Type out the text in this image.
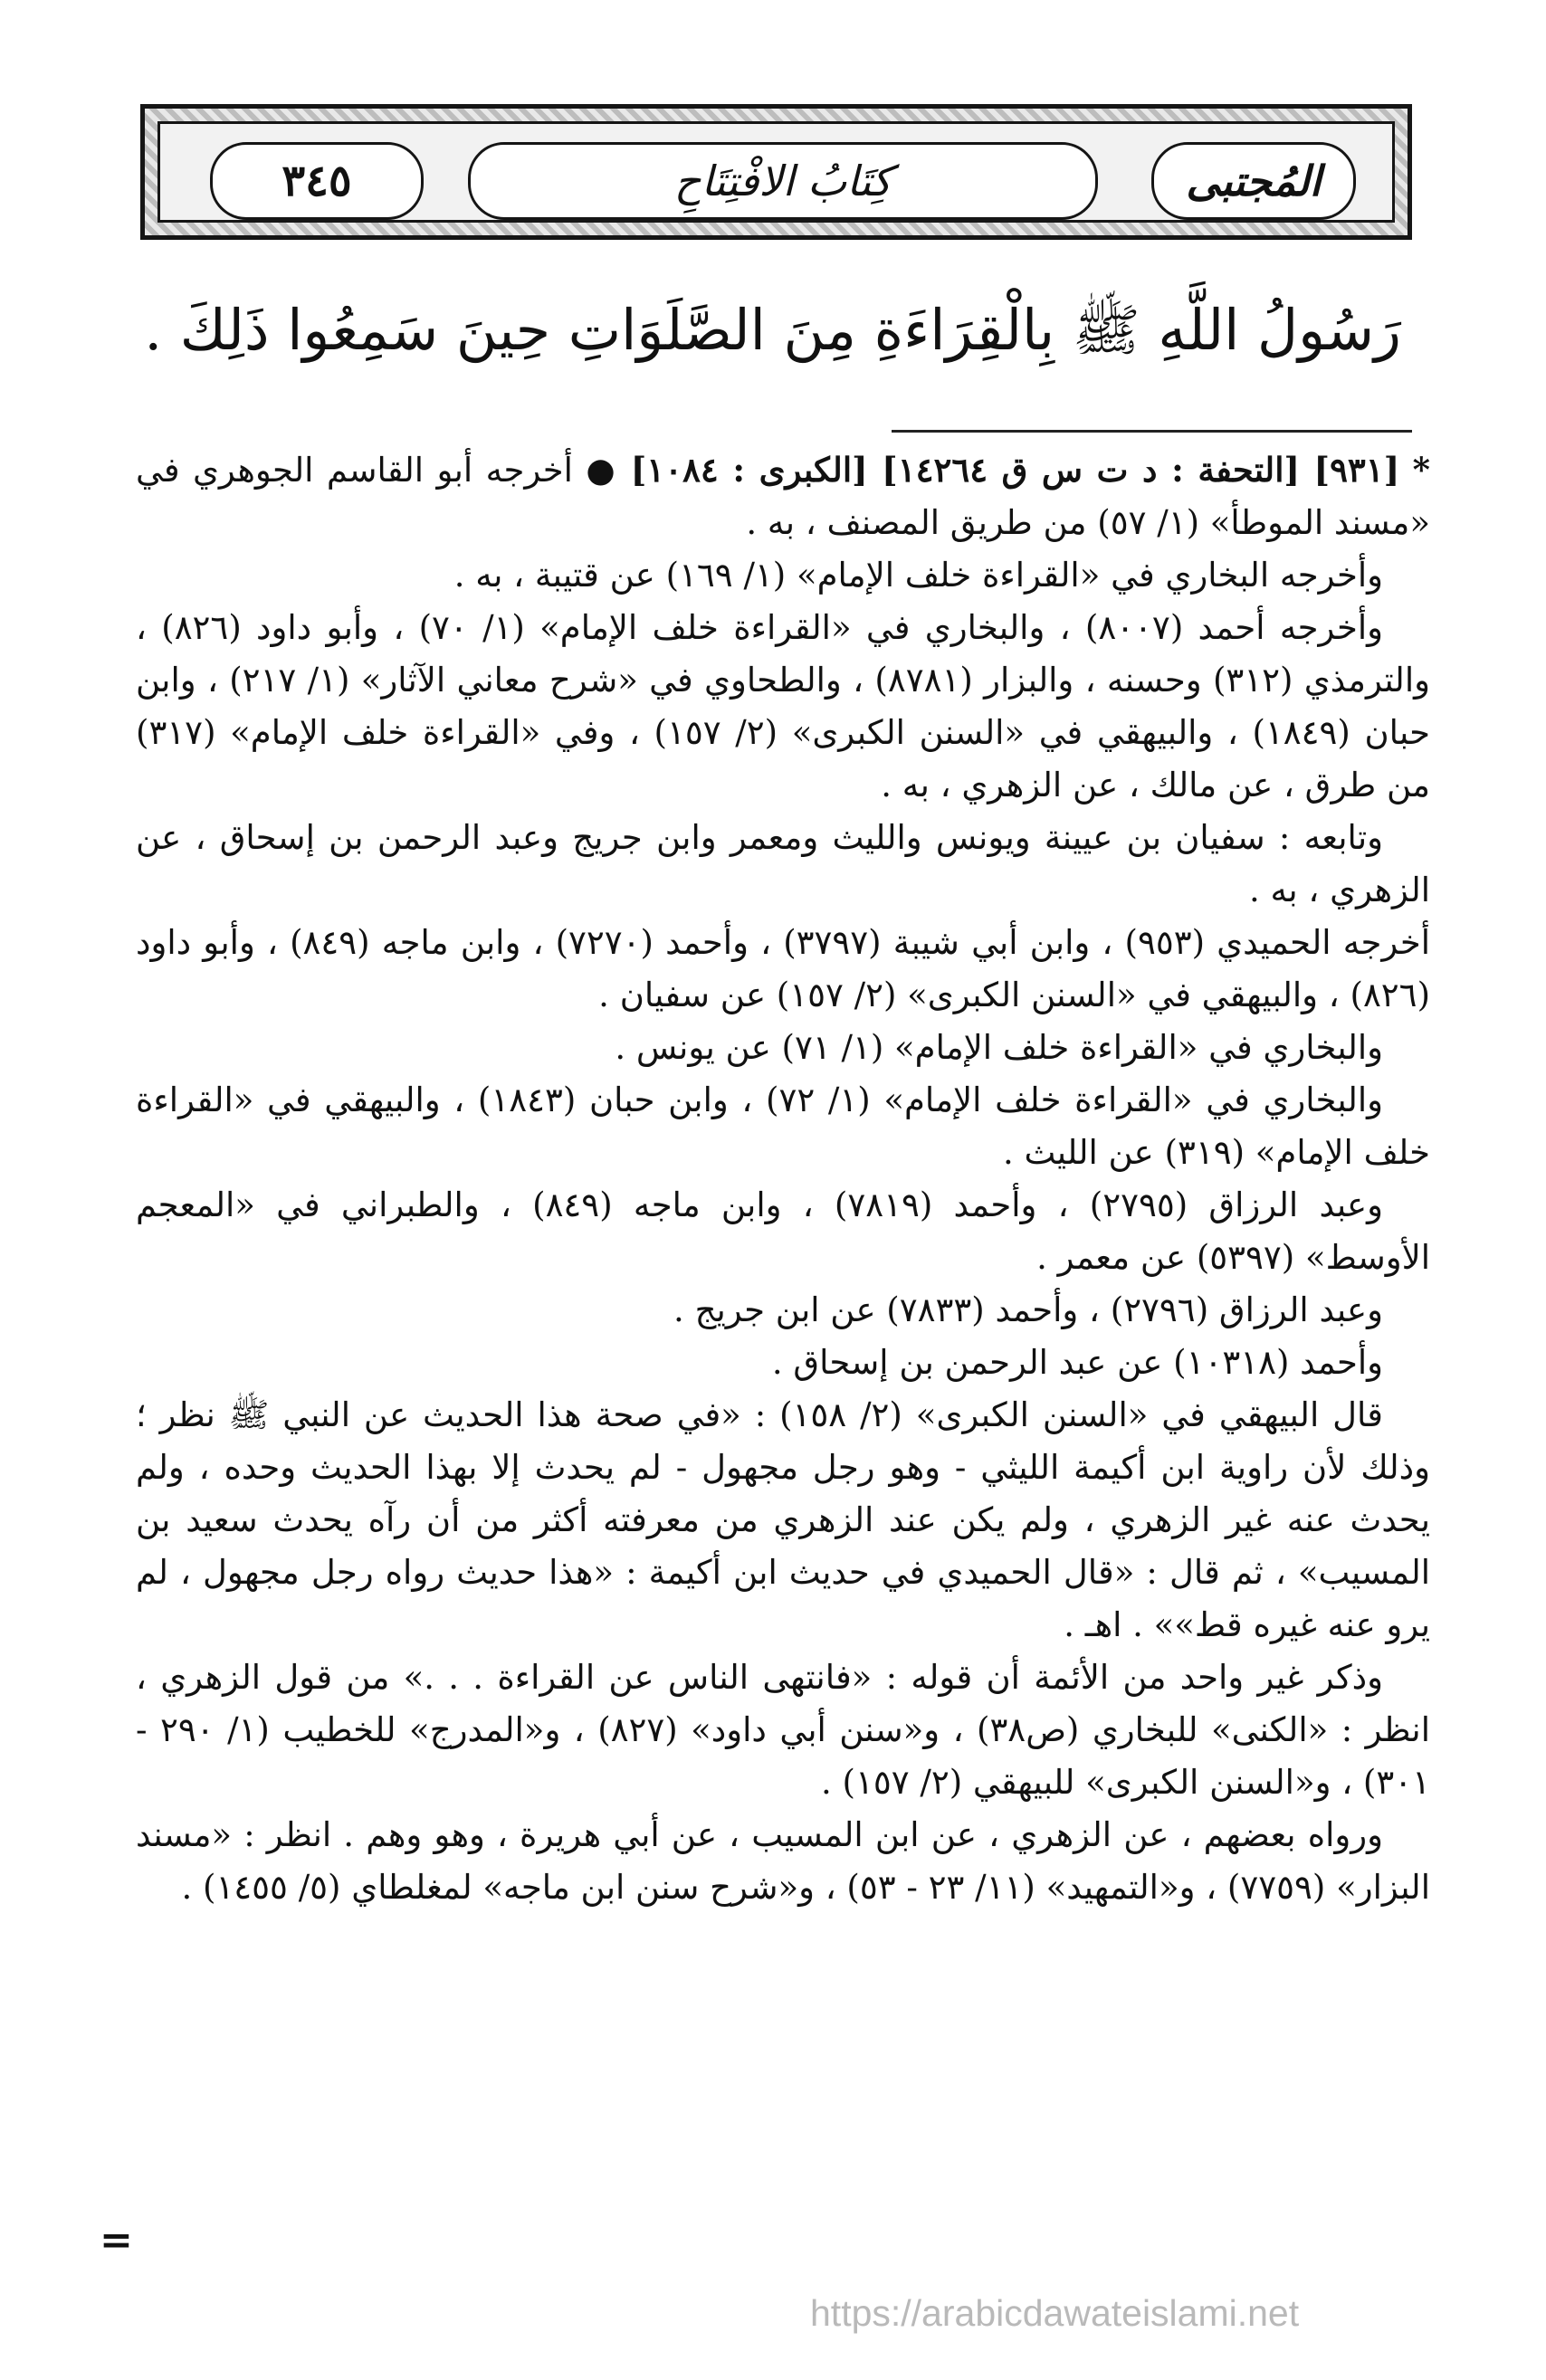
٣٤٥	كِتَابُ الافْتِتَاحِ	المُجتبى
رَسُولُ اللَّهِ ﷺ بِالْقِرَاءَةِ مِنَ الصَّلَوَاتِ حِينَ سَمِعُوا ذَلِكَ .

* [٩٣١] [التحفة : د ت س ق ١٤٢٦٤] [الكبرى : ١٠٨٤] ● أخرجه أبو القاسم الجوهري في «مسند الموطأ» (١/ ٥٧) من طريق المصنف ، به .

وأخرجه البخاري في «القراءة خلف الإمام» (١/ ١٦٩) عن قتيبة ، به .

وأخرجه أحمد (٨٠٠٧) ، والبخاري في «القراءة خلف الإمام» (١/ ٧٠) ، وأبو داود (٨٢٦) ، والترمذي (٣١٢) وحسنه ، والبزار (٨٧٨١) ، والطحاوي في «شرح معاني الآثار» (١/ ٢١٧) ، وابن حبان (١٨٤٩) ، والبيهقي في «السنن الكبرى» (٢/ ١٥٧) ، وفي «القراءة خلف الإمام» (٣١٧) من طرق ، عن مالك ، عن الزهري ، به .

وتابعه : سفيان بن عيينة ويونس والليث ومعمر وابن جريج وعبد الرحمن بن إسحاق ، عن الزهري ، به .

أخرجه الحميدي (٩٥٣) ، وابن أبي شيبة (٣٧٩٧) ، وأحمد (٧٢٧٠) ، وابن ماجه (٨٤٩) ، وأبو داود (٨٢٦) ، والبيهقي في «السنن الكبرى» (٢/ ١٥٧) عن سفيان .

والبخاري في «القراءة خلف الإمام» (١/ ٧١) عن يونس .

والبخاري في «القراءة خلف الإمام» (١/ ٧٢) ، وابن حبان (١٨٤٣) ، والبيهقي في «القراءة خلف الإمام» (٣١٩) عن الليث .

وعبد الرزاق (٢٧٩٥) ، وأحمد (٧٨١٩) ، وابن ماجه (٨٤٩) ، والطبراني في «المعجم الأوسط» (٥٣٩٧) عن معمر .

وعبد الرزاق (٢٧٩٦) ، وأحمد (٧٨٣٣) عن ابن جريج .

وأحمد (١٠٣١٨) عن عبد الرحمن بن إسحاق .

قال البيهقي في «السنن الكبرى» (٢/ ١٥٨) : «في صحة هذا الحديث عن النبي ﷺ نظر ؛ وذلك لأن راوية ابن أكيمة الليثي - وهو رجل مجهول - لم يحدث إلا بهذا الحديث وحده ، ولم يحدث عنه غير الزهري ، ولم يكن عند الزهري من معرفته أكثر من أن رآه يحدث سعيد بن المسيب» ، ثم قال : «قال الحميدي في حديث ابن أكيمة : «هذا حديث رواه رجل مجهول ، لم يرو عنه غيره قط»» . اهـ .

وذكر غير واحد من الأئمة أن قوله : «فانتهى الناس عن القراءة . . .» من قول الزهري ، انظر : «الكنى» للبخاري (ص٣٨) ، و«سنن أبي داود» (٨٢٧) ، و«المدرج» للخطيب (١/ ٢٩٠ - ٣٠١) ، و«السنن الكبرى» للبيهقي (٢/ ١٥٧) .

ورواه بعضهم ، عن الزهري ، عن ابن المسيب ، عن أبي هريرة ، وهو وهم . انظر : «مسند البزار» (٧٧٥٩) ، و«التمهيد» (١١/ ٢٣ - ٥٣) ، و«شرح سنن ابن ماجه» لمغلطاي (٥/ ١٤٥٥) .

=
https://arabicdawateislami.net
